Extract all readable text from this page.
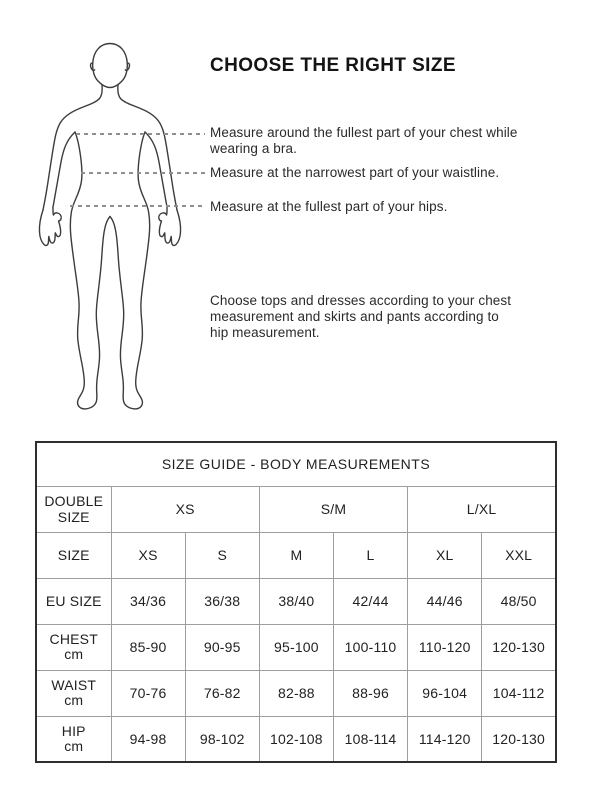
CHOOSE THE RIGHT SIZE
Measure around the fullest part of your chest while wearing a bra.
Measure at the narrowest part of your waistline.
Measure at the fullest part of your hips.
Choose tops and dresses according to your chest measurement and skirts and pants according to hip measurement.
SIZE GUIDE - BODY MEASUREMENTS						
DOUBLE SIZE	XS		S/M		L/XL	
SIZE	XS	S	M	L	XL	XXL

EU SIZE	34/36	36/38	38/40	42/44	44/46	48/50

CHEST
cm	85-90	90-95	95-100	100-110	110-120	120-130

WAIST
cm	70-76	76-82	82-88	88-96	96-104	104-112

HIP
cm	94-98	98-102	102-108	108-114	114-120	120-130
